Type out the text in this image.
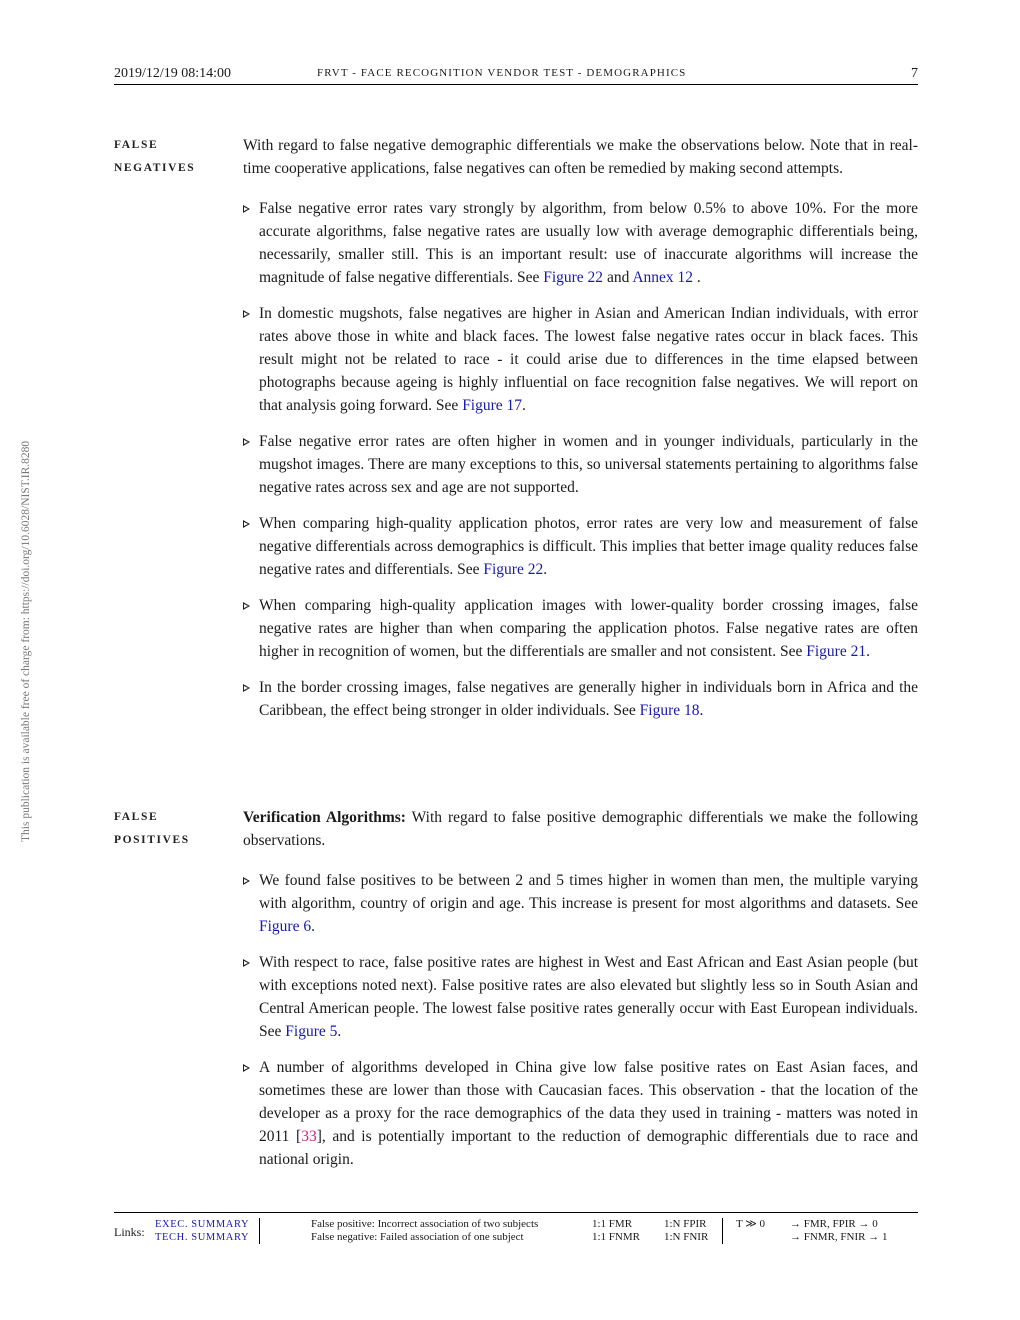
2019/12/19 08:14:00	FRVT - FACE RECOGNITION VENDOR TEST - DEMOGRAPHICS	7
This publication is available free of charge from: https://doi.org/10.6028/NIST.IR.8280
FALSE
NEGATIVES

With regard to false negative demographic differentials we make the observations below. Note that in real-time cooperative applications, false negatives can often be remedied by making second attempts.

False negative error rates vary strongly by algorithm, from below 0.5% to above 10%. For the more accurate algorithms, false negative rates are usually low with average demographic differentials being, necessarily, smaller still. This is an important result: use of inaccurate algorithms will increase the magnitude of false negative differentials. See Figure 22 and Annex 12 .
In domestic mugshots, false negatives are higher in Asian and American Indian individuals, with error rates above those in white and black faces. The lowest false negative rates occur in black faces. This result might not be related to race - it could arise due to differences in the time elapsed between photographs because ageing is highly influential on face recognition false negatives. We will report on that analysis going forward. See Figure 17.
False negative error rates are often higher in women and in younger individuals, particularly in the mugshot images. There are many exceptions to this, so universal statements pertaining to algorithms false negative rates across sex and age are not supported.
When comparing high-quality application photos, error rates are very low and measurement of false negative differentials across demographics is difficult. This implies that better image quality reduces false negative rates and differentials. See Figure 22.
When comparing high-quality application images with lower-quality border crossing images, false negative rates are higher than when comparing the application photos. False negative rates are often higher in recognition of women, but the differentials are smaller and not consistent. See Figure 21.
In the border crossing images, false negatives are generally higher in individuals born in Africa and the Caribbean, the effect being stronger in older individuals. See Figure 18.
FALSE
POSITIVES

Verification Algorithms: With regard to false positive demographic differentials we make the following observations.

We found false positives to be between 2 and 5 times higher in women than men, the multiple varying with algorithm, country of origin and age. This increase is present for most algorithms and datasets. See Figure 6.
With respect to race, false positive rates are highest in West and East African and East Asian people (but with exceptions noted next). False positive rates are also elevated but slightly less so in South Asian and Central American people. The lowest false positive rates generally occur with East European individuals. See Figure 5.
A number of algorithms developed in China give low false positive rates on East Asian faces, and sometimes these are lower than those with Caucasian faces. This observation - that the location of the developer as a proxy for the race demographics of the data they used in training - matters was noted in 2011 [33], and is potentially important to the reduction of demographic differentials due to race and national origin.
Links:
EXEC. SUMMARY
TECH. SUMMARY
False positive: Incorrect association of two subjects
False negative: Failed association of one subject
1:1 FMR
1:1 FNMR
1:N FPIR
1:N FNIR
T ≫ 0 → FMR, FPIR → 0
→ FNMR, FNIR → 1
